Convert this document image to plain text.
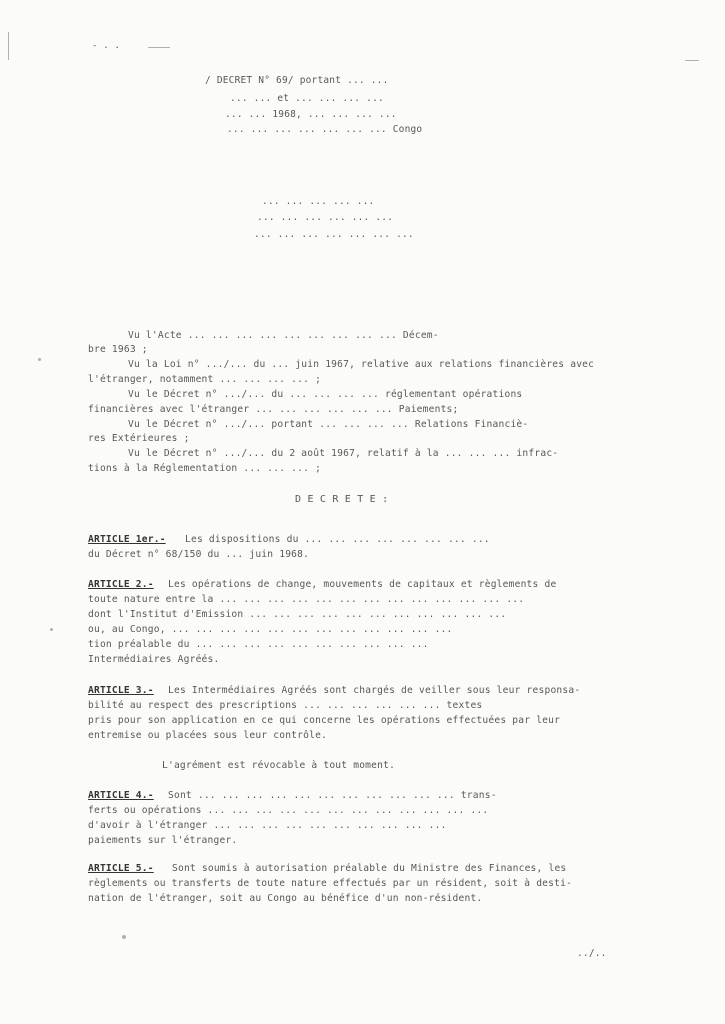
- . .
/ DECRET N° 69/ portant ... ...
... ... et ... ... ... ...
... ... 1968, ... ... ... ...
... ... ... ... ... ... ... Congo
... ... ... ... ...
... ... ... ... ... ...
... ... ... ... ... ... ...
Vu l'Acte ... ... ... ... ... ... ... ... ... Décem-
bre 1963 ;
Vu la Loi n° .../... du ... juin 1967, relative aux relations financières avec
l'étranger, notamment ... ... ... ... ;
Vu le Décret n° .../... du ... ... ... ... réglementant opérations
financières avec l'étranger ... ... ... ... ... ... Paiements;
Vu le Décret n° .../... portant ... ... ... ... Relations Financiè-
res Extérieures ;
Vu le Décret n° .../... du 2 août 1967, relatif à la ... ... ... infrac-
tions à la Réglementation ... ... ... ;
D E C R E T E :
ARTICLE 1er.- Les dispositions du ... ... ... ... ... ... ... ...
du Décret n° 68/150 du ... juin 1968.
ARTICLE 2.- Les opérations de change, mouvements de capitaux et règlements de
toute nature entre la ... ... ... ... ... ... ... ... ... ... ... ... ...
dont l'Institut d'Emission ... ... ... ... ... ... ... ... ... ... ...
ou, au Congo, ... ... ... ... ... ... ... ... ... ... ... ...
tion préalable du ... ... ... ... ... ... ... ... ... ...
Intermédiaires Agréés.
ARTICLE 3.- Les Intermédiaires Agréés sont chargés de veiller sous leur responsa-
bilité au respect des prescriptions ... ... ... ... ... ... textes
pris pour son application en ce qui concerne les opérations effectuées par leur
entremise ou placées sous leur contrôle.
L'agrément est révocable à tout moment.
ARTICLE 4.- Sont ... ... ... ... ... ... ... ... ... ... ... trans-
ferts ou opérations ... ... ... ... ... ... ... ... ... ... ... ...
d'avoir à l'étranger ... ... ... ... ... ... ... ... ... ...
paiements sur l'étranger.
ARTICLE 5.- Sont soumis à autorisation préalable du Ministre des Finances, les
règlements ou transferts de toute nature effectués par un résident, soit à desti-
nation de l'étranger, soit au Congo au bénéfice d'un non-résident.
../..
